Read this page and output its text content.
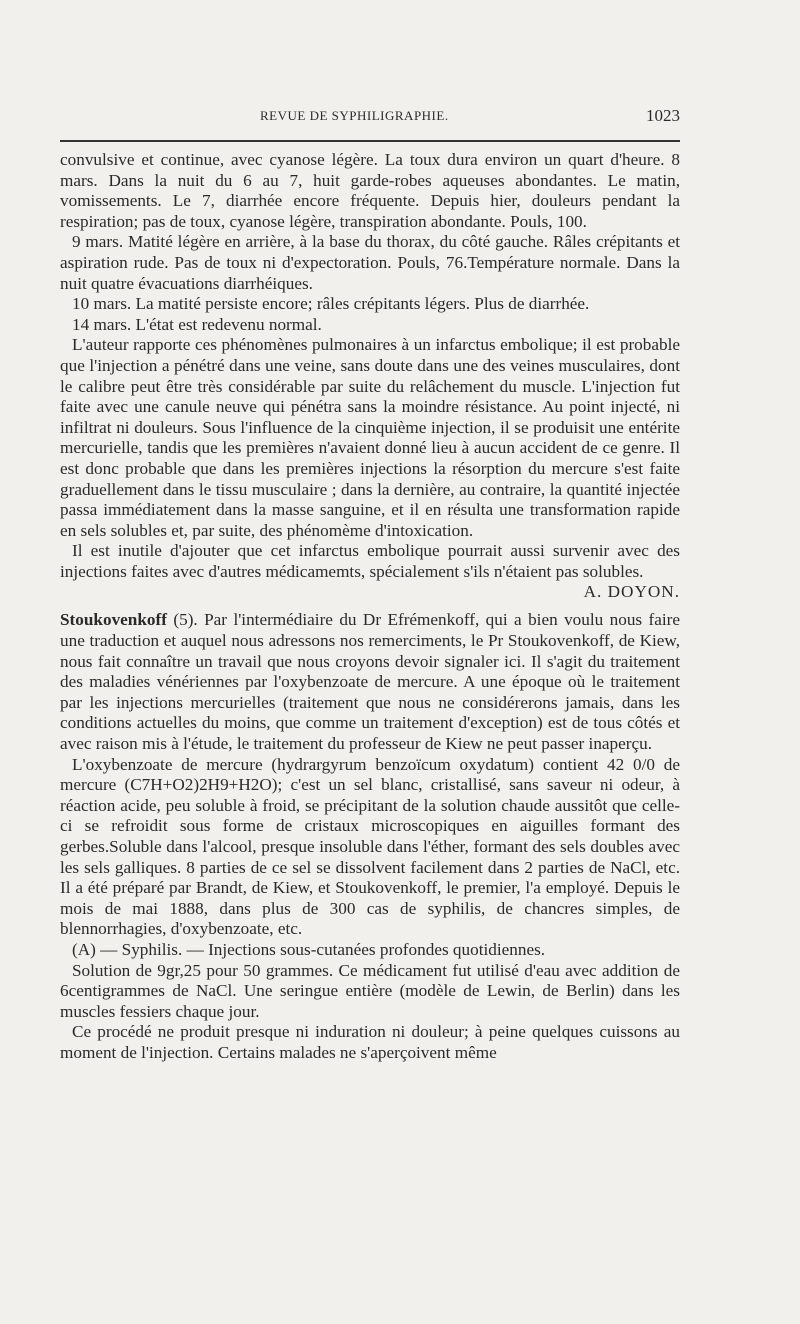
REVUE DE SYPHILIGRAPHIE.	1023

convulsive et continue, avec cyanose légère. La toux dura environ un quart d'heure. 8 mars. Dans la nuit du 6 au 7, huit garde-robes aqueuses abondantes. Le matin, vomissements. Le 7, diarrhée encore fréquente. Depuis hier, douleurs pendant la respiration; pas de toux, cyanose légère, transpiration abondante. Pouls, 100.

9 mars. Matité légère en arrière, à la base du thorax, du côté gauche. Râles crépitants et aspiration rude. Pas de toux ni d'expectoration. Pouls, 76.Température normale. Dans la nuit quatre évacuations diarrhéiques.

10 mars. La matité persiste encore; râles crépitants légers. Plus de diarrhée.

14 mars. L'état est redevenu normal.

L'auteur rapporte ces phénomènes pulmonaires à un infarctus embolique; il est probable que l'injection a pénétré dans une veine, sans doute dans une des veines musculaires, dont le calibre peut être très considérable par suite du relâchement du muscle. L'injection fut faite avec une canule neuve qui pénétra sans la moindre résistance. Au point injecté, ni infiltrat ni douleurs. Sous l'influence de la cinquième injection, il se produisit une entérite mercurielle, tandis que les premières n'avaient donné lieu à aucun accident de ce genre. Il est donc probable que dans les premières injections la résorption du mercure s'est faite graduellement dans le tissu musculaire ; dans la dernière, au contraire, la quantité injectée passa immédiatement dans la masse sanguine, et il en résulta une transformation rapide en sels solubles et, par suite, des phénomème d'intoxication.

Il est inutile d'ajouter que cet infarctus embolique pourrait aussi survenir avec des injections faites avec d'autres médicamemts, spécialement s'ils n'étaient pas solubles.
A. DOYON.

Stoukovenkoff (5). Par l'intermédiaire du Dr Efrémenkoff, qui a bien voulu nous faire une traduction et auquel nous adressons nos remerciments, le Pr Stoukovenkoff, de Kiew, nous fait connaître un travail que nous croyons devoir signaler ici. Il s'agit du traitement des maladies vénériennes par l'oxybenzoate de mercure. A une époque où le traitement par les injections mercurielles (traitement que nous ne considérerons jamais, dans les conditions actuelles du moins, que comme un traitement d'exception) est de tous côtés et avec raison mis à l'étude, le traitement du professeur de Kiew ne peut passer inaperçu.

L'oxybenzoate de mercure (hydrargyrum benzoïcum oxydatum) contient 42 0/0 de mercure (C7H+O2)2H9+H2O); c'est un sel blanc, cristallisé, sans saveur ni odeur, à réaction acide, peu soluble à froid, se précipitant de la solution chaude aussitôt que celle-ci se refroidit sous forme de cristaux microscopiques en aiguilles formant des gerbes.Soluble dans l'alcool, presque insoluble dans l'éther, formant des sels doubles avec les sels galliques. 8 parties de ce sel se dissolvent facilement dans 2 parties de NaCl, etc. Il a été préparé par Brandt, de Kiew, et Stoukovenkoff, le premier, l'a employé. Depuis le mois de mai 1888, dans plus de 300 cas de syphilis, de chancres simples, de blennorrhagies, d'oxybenzoate, etc.

(A) — Syphilis. — Injections sous-cutanées profondes quotidiennes.

Solution de 9gr,25 pour 50 grammes. Ce médicament fut utilisé d'eau avec addition de 6centigrammes de NaCl. Une seringue entière (modèle de Lewin, de Berlin) dans les muscles fessiers chaque jour.

Ce procédé ne produit presque ni induration ni douleur; à peine quelques cuissons au moment de l'injection. Certains malades ne s'aperçoivent même
